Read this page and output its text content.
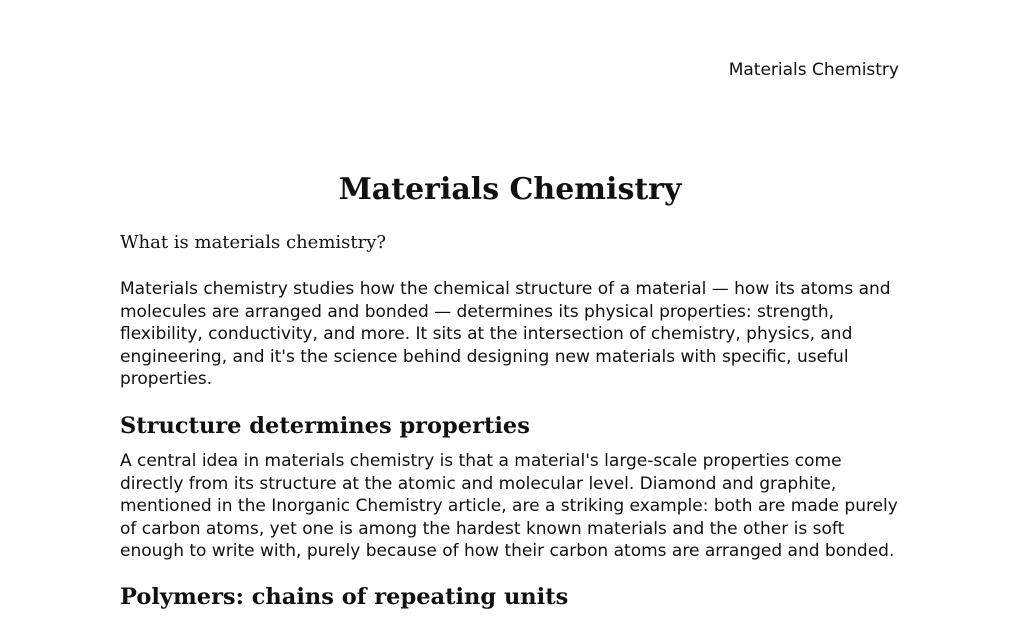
Materials Chemistry
Materials Chemistry

What is materials chemistry?

Materials chemistry studies how the chemical structure of a material — how its atoms and molecules are arranged and bonded — determines its physical properties: strength, flexibility, conductivity, and more. It sits at the intersection of chemistry, physics, and engineering, and it's the science behind designing new materials with specific, useful properties.

Structure determines properties

A central idea in materials chemistry is that a material's large-scale properties come directly from its structure at the atomic and molecular level. Diamond and graphite, mentioned in the Inorganic Chemistry article, are a striking example: both are made purely of carbon atoms, yet one is among the hardest known materials and the other is soft enough to write with, purely because of how their carbon atoms are arranged and bonded.

Polymers: chains of repeating units
